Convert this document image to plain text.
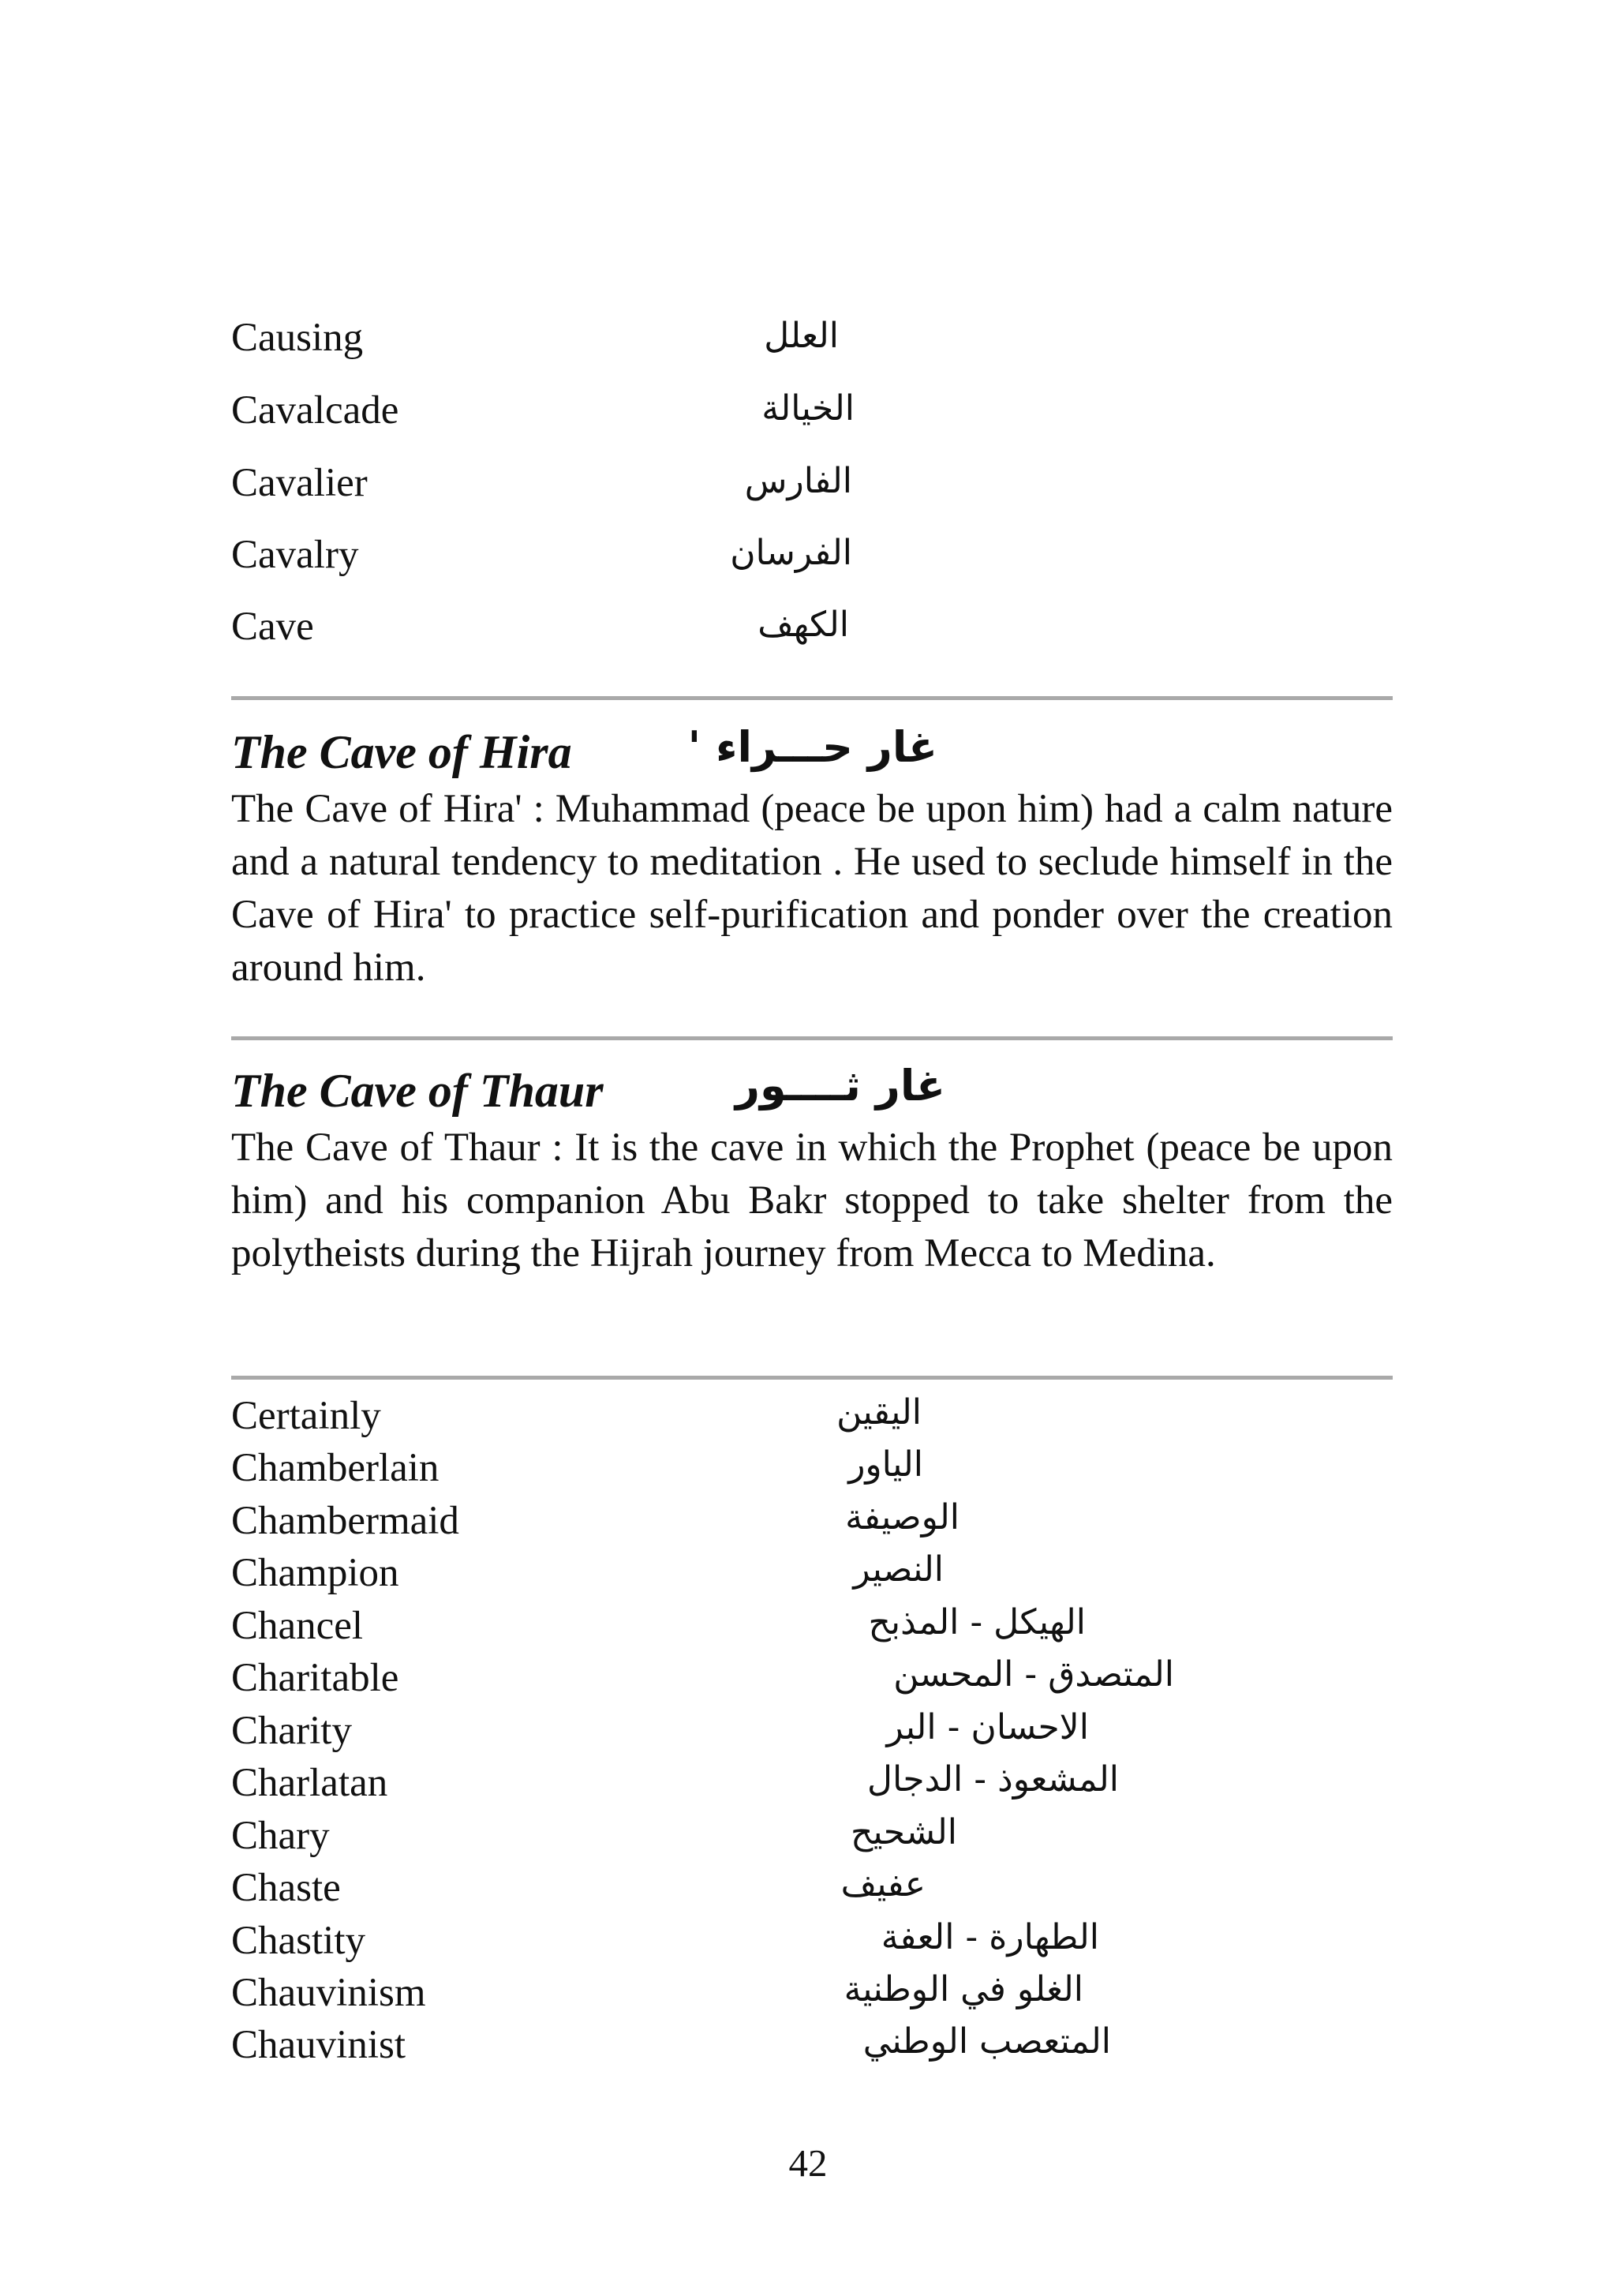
Causing	العلل
Cavalcade	الخيالة
Cavalier	الفارس
Cavalry	الفرسان
Cave	الكهف
The Cave of Hira	غار حـــراء '
The Cave of Hira' : Muhammad (peace be upon him) had a calm nature and a natural tendency to meditation . He used to seclude himself in the Cave of Hira' to practice self-purification and ponder over the creation around him.
The Cave of Thaur	غار ثــــور
The Cave of Thaur : It is the cave in which the Prophet (peace be upon him) and his companion Abu Bakr stopped to take shelter from the polytheists during the Hijrah journey from Mecca to Medina.
Certainly	اليقين
Chamberlain	الياور
Chambermaid	الوصيفة
Champion	النصير
Chancel	الهيكل - المذبح
Charitable	المتصدق - المحسن
Charity	الاحسان - البر
Charlatan	المشعوذ - الدجال
Chary	الشحيح
Chaste	عفيف
Chastity	الطهارة - العفة
Chauvinism	الغلو في الوطنية
Chauvinist	المتعصب الوطني
42
